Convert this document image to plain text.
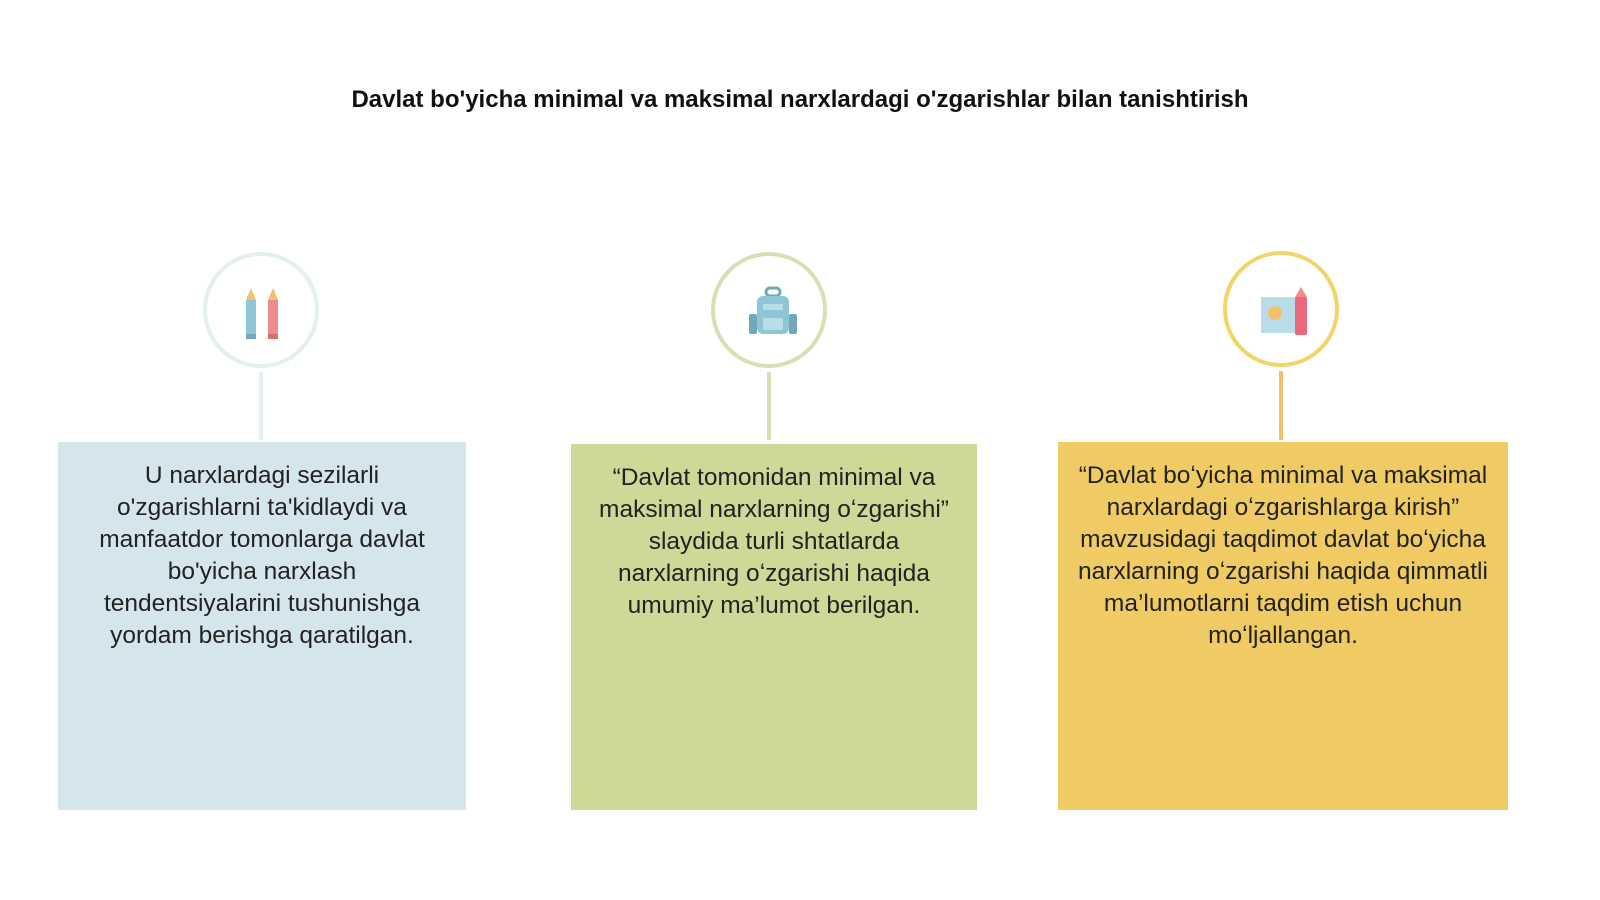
Davlat bo'yicha minimal va maksimal narxlardagi o'zgarishlar bilan tanishtirish
U narxlardagi sezilarli o'zgarishlarni ta'kidlaydi va manfaatdor tomonlarga davlat bo'yicha narxlash tendentsiyalarini tushunishga yordam berishga qaratilgan.
“Davlat tomonidan minimal va maksimal narxlarning oʻzgarishi” slaydida turli shtatlarda narxlarning oʻzgarishi haqida umumiy ma’lumot berilgan.
“Davlat boʻyicha minimal va maksimal narxlardagi oʻzgarishlarga kirish” mavzusidagi taqdimot davlat boʻyicha narxlarning oʻzgarishi haqida qimmatli ma’lumotlarni taqdim etish uchun moʻljallangan.
